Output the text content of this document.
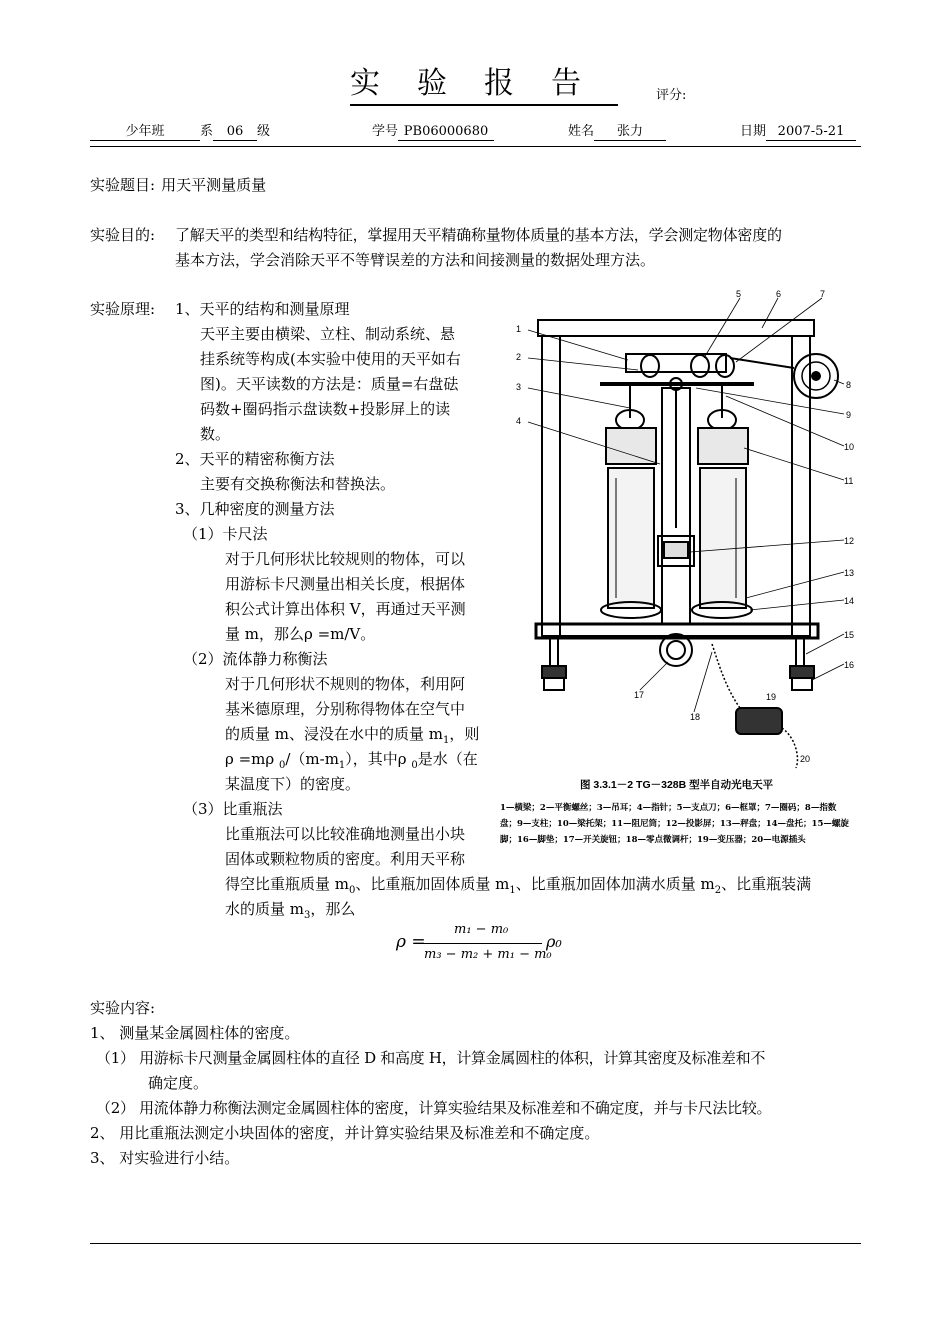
实验报告	评分:
少年班	系 06 级	学号 PB06000680	姓名 张力	日期 2007-5-21
实验题目: 用天平测量质量
实验目的: 了解天平的类型和结构特征，掌握用天平精确称量物体质量的基本方法，学会测定物体密度的
基本方法，学会消除天平不等臂误差的方法和间接测量的数据处理方法。
实验原理: 1、天平的结构和测量原理
天平主要由横梁、立柱、制动系统、悬
挂系统等构成(本实验中使用的天平如右
图)。天平读数的方法是：质量=右盘砝
码数+圈码指示盘读数+投影屏上的读
数。
2、天平的精密称衡方法
主要有交换称衡法和替换法。
3、几种密度的测量方法
（1）卡尺法
对于几何形状比较规则的物体，可以
用游标卡尺测量出相关长度，根据体
积公式计算出体积 V，再通过天平测
量 m，那么ρ =m/V。
（2）流体静力称衡法
对于几何形状不规则的物体，利用阿
基米德原理，分别称得物体在空气中
的质量 m、浸没在水中的质量 $m_1$，则
ρ =mρ $_0/(m-m_1)$，其中ρ $_0$是水（在
某温度下）的密度。
（3）比重瓶法
比重瓶法可以比较准确地测量出小块
固体或颗粒物质的密度。利用天平称
得空比重瓶质量 $m_0$、比重瓶加固体质量 $m_1$、比重瓶加固体加满水质量 $m_2$、比重瓶装满
水的质量 $m_3$，那么
ρ =
m₁ − m₀
m₃ − m₂ + m₁ − m₀
ρ₀
1
2
3
4
5	6	7
8
9
10
11
12
13
14
15
16
17
18
19
20
图 3.3.1－2 TG－328B 型半自动光电天平
1—横梁；2—平衡螺丝；3—吊耳；4—指针；5—支点刀；6—框罩；7—圈码；8—指数
盘；9—支柱；10—梁托架；11—阻尼筒；12—投影屏；13—秤盘；14—盘托；15—螺旋
脚；16—脚垫；17—开关旋钮；18—零点微调杆；19—变压器；20—电源插头
实验内容:
1、 测量某金属圆柱体的密度。
（1） 用游标卡尺测量金属圆柱体的直径 D 和高度 H，计算金属圆柱的体积，计算其密度及标准差和不
确定度。
（2） 用流体静力称衡法测定金属圆柱体的密度，计算实验结果及标准差和不确定度，并与卡尺法比较。
2、 用比重瓶法测定小块固体的密度，并计算实验结果及标准差和不确定度。
3、 对实验进行小结。
